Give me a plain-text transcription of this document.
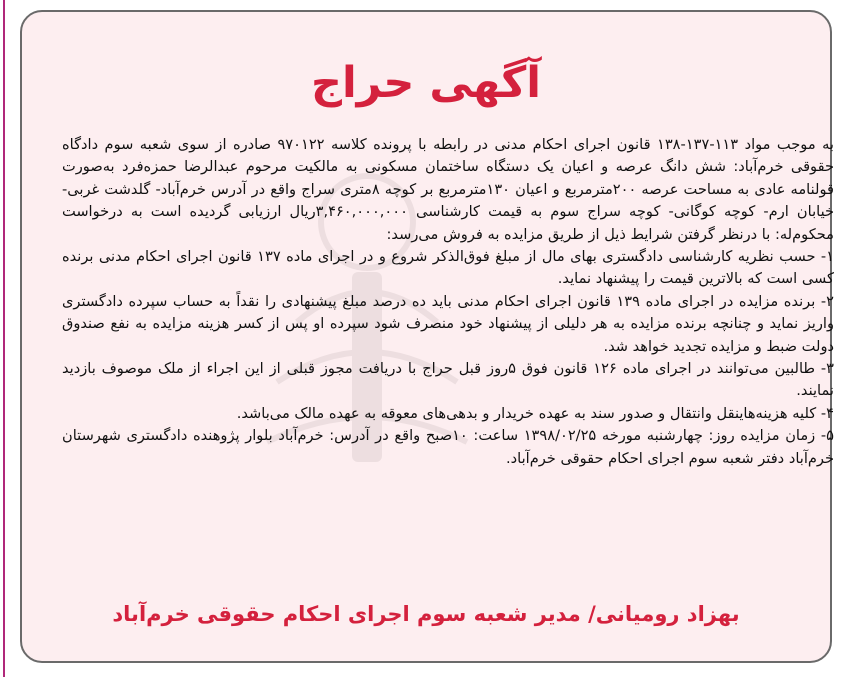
آگهی حراج

به موجب مواد ۱۱۳-۱۳۷-۱۳۸ قانون اجرای احکام مدنی در رابطه با پرونده کلاسه ۹۷۰۱۲۲ صادره از سوی شعبه سوم دادگاه حقوقی خرم‌آباد: شش دانگ عرصه و اعیان یک دستگاه ساختمان مسکونی به مالکیت مرحوم عبدالرضا حمزه‌فرد به‌صورت قولنامه عادی به مساحت عرصه ۲۰۰مترمربع و اعیان ۱۳۰مترمربع بر کوچه ۸متری سراج واقع در آدرس خرم‌آباد- گلدشت غربی- خیابان ارم- کوچه کوگانی- کوچه سراج سوم به قیمت کارشناسی ۳,۴۶۰,۰۰۰,۰۰۰ریال ارزیابی گردیده است به درخواست محکوم‌له: با درنظر گرفتن شرایط ذیل از طریق مزایده به فروش می‌رسد:

۱- حسب نظریه کارشناسی دادگستری بهای مال از مبلغ فوق‌الذکر شروع و در اجرای ماده ۱۳۷ قانون اجرای احکام مدنی برنده کسی است که بالاترین قیمت را پیشنهاد نماید.

۲- برنده مزایده در اجرای ماده ۱۳۹ قانون اجرای احکام مدنی باید ده درصد مبلغ پیشنهادی را نقداً به حساب سپرده دادگستری واریز نماید و چنانچه برنده مزایده به هر دلیلی از پیشنهاد خود منصرف شود سپرده او پس از کسر هزینه مزایده به نفع صندوق دولت ضبط و مزایده تجدید خواهد شد.

۳- طالبین می‌توانند در اجرای ماده ۱۲۶ قانون فوق ۵روز قبل حراج با دریافت مجوز قبلی از این اجراء از ملک موصوف بازدید نمایند.

۴- کلیه هزینه‌هاینقل وانتقال و صدور سند به عهده خریدار و بدهی‌های معوقه به عهده مالک می‌باشد.

۵- زمان مزایده روز: چهارشنبه مورخه ۱۳۹۸/۰۲/۲۵ ساعت: ۱۰صبح واقع در آدرس: خرم‌آباد بلوار پژوهنده دادگستری شهرستان خرم‌آباد دفتر شعبه سوم اجرای احکام حقوقی خرم‌آباد.

بهزاد رومیانی/ مدیر شعبه سوم اجرای احکام حقوقی خرم‌آباد
